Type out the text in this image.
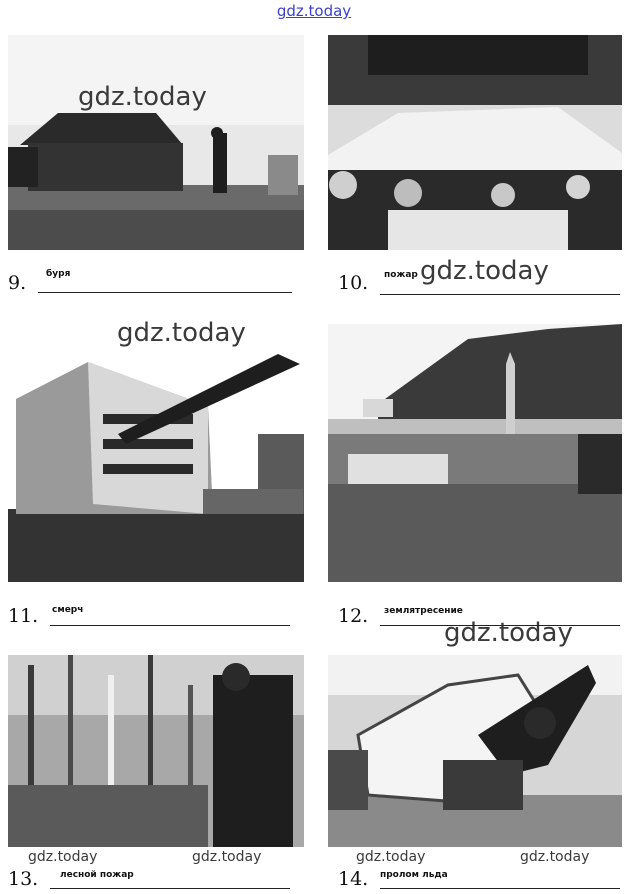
gdz.today
gdz.today
gdz.today
gdz.today
gdz.today
gdz.today	gdz.today	gdz.today	gdz.today
9. буря	10. пожар
11. смерч	12. землятресение
13. лесной пожар	14. пролом льда
